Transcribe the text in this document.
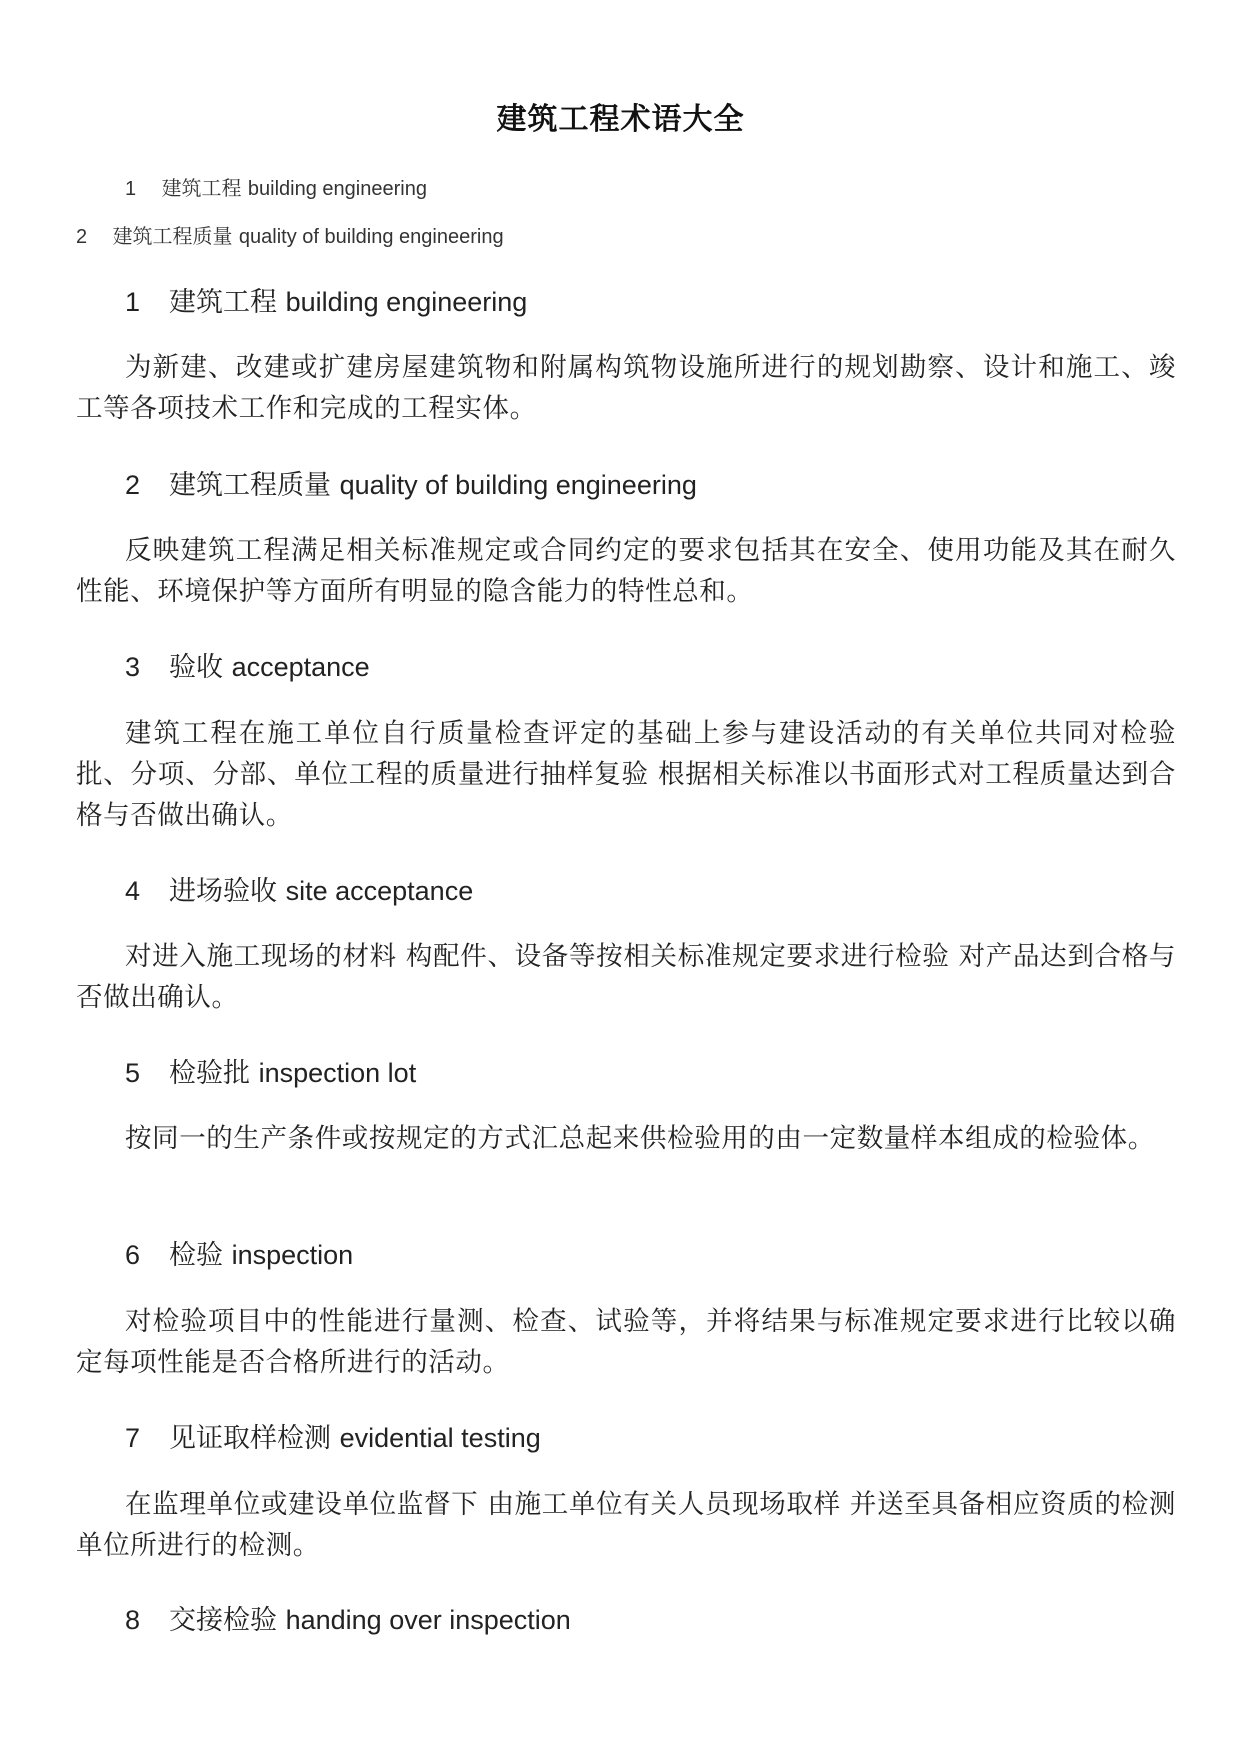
建筑工程术语大全
1 建筑工程 building engineering
2 建筑工程质量 quality of building engineering
1 建筑工程 building engineering
为新建、改建或扩建房屋建筑物和附属构筑物设施所进行的规划勘察、设计和施工、竣工等各项技术工作和完成的工程实体。
2 建筑工程质量 quality of building engineering
反映建筑工程满足相关标准规定或合同约定的要求包括其在安全、使用功能及其在耐久性能、环境保护等方面所有明显的隐含能力的特性总和。
3 验收 acceptance
建筑工程在施工单位自行质量检查评定的基础上参与建设活动的有关单位共同对检验批、分项、分部、单位工程的质量进行抽样复验 根据相关标准以书面形式对工程质量达到合格与否做出确认。
4 进场验收 site acceptance
对进入施工现场的材料 构配件、设备等按相关标准规定要求进行检验 对产品达到合格与否做出确认。
5 检验批 inspection lot
按同一的生产条件或按规定的方式汇总起来供检验用的由一定数量样本组成的检验体。
6 检验 inspection
对检验项目中的性能进行量测、检查、试验等，并将结果与标准规定要求进行比较以确定每项性能是否合格所进行的活动。
7 见证取样检测 evidential testing
在监理单位或建设单位监督下 由施工单位有关人员现场取样 并送至具备相应资质的检测单位所进行的检测。
8 交接检验 handing over inspection
